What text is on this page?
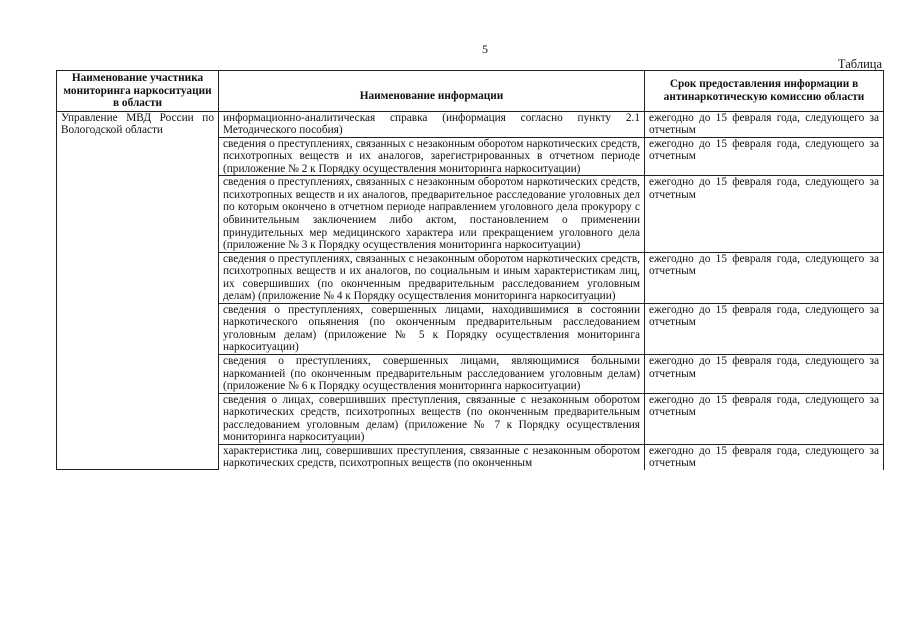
5
Таблица
Наименование участника мониторинга наркоситуации в области	Наименование информации	Срок предоставления информации в антинаркотическую комиссию области
Управление МВД России по Вологодской области	информационно-аналитическая справка (информация согласно пункту 2.1 Методического пособия)	ежегодно до 15 февраля года, следующего за отчетным
	сведения о преступлениях, связанных с незаконным оборотом наркотических средств, психотропных веществ и их аналогов, зарегистрированных в отчетном периоде (приложение № 2 к Порядку осуществления мониторинга наркоситуации)	ежегодно до 15 февраля года, следующего за отчетным
	сведения о преступлениях, связанных с незаконным оборотом наркотических средств, психотропных веществ и их аналогов, предварительное расследование уголовных дел по которым окончено в отчетном периоде направлением уголовного дела прокурору с обвинительным заключением либо актом, постановлением о применении принудительных мер медицинского характера или прекращением уголовного дела (приложение № 3 к Порядку осуществления мониторинга наркоситуации)	ежегодно до 15 февраля года, следующего за отчетным
	сведения о преступлениях, связанных с незаконным оборотом наркотических средств, психотропных веществ и их аналогов, по социальным и иным характеристикам лиц, их совершивших (по оконченным предварительным расследованием уголовным делам) (приложение № 4 к Порядку осуществления мониторинга наркоситуации)	ежегодно до 15 февраля года, следующего за отчетным
	сведения о преступлениях, совершенных лицами, находившимися в состоянии наркотического опьянения (по оконченным предварительным расследованием уголовным делам) (приложение № 5 к Порядку осуществления мониторинга наркоситуации)	ежегодно до 15 февраля года, следующего за отчетным
	сведения о преступлениях, совершенных лицами, являющимися больными наркоманией (по оконченным предварительным расследованием уголовным делам) (приложение № 6 к Порядку осуществления мониторинга наркоситуации)	ежегодно до 15 февраля года, следующего за отчетным
	сведения о лицах, совершивших преступления, связанные с незаконным оборотом наркотических средств, психотропных веществ (по оконченным предварительным расследованием уголовным делам) (приложение № 7 к Порядку осуществления мониторинга наркоситуации)	ежегодно до 15 февраля года, следующего за отчетным
	характеристика лиц, совершивших преступления, связанные с незаконным оборотом наркотических средств, психотропных веществ (по оконченным	ежегодно до 15 февраля года, следующего за отчетным
